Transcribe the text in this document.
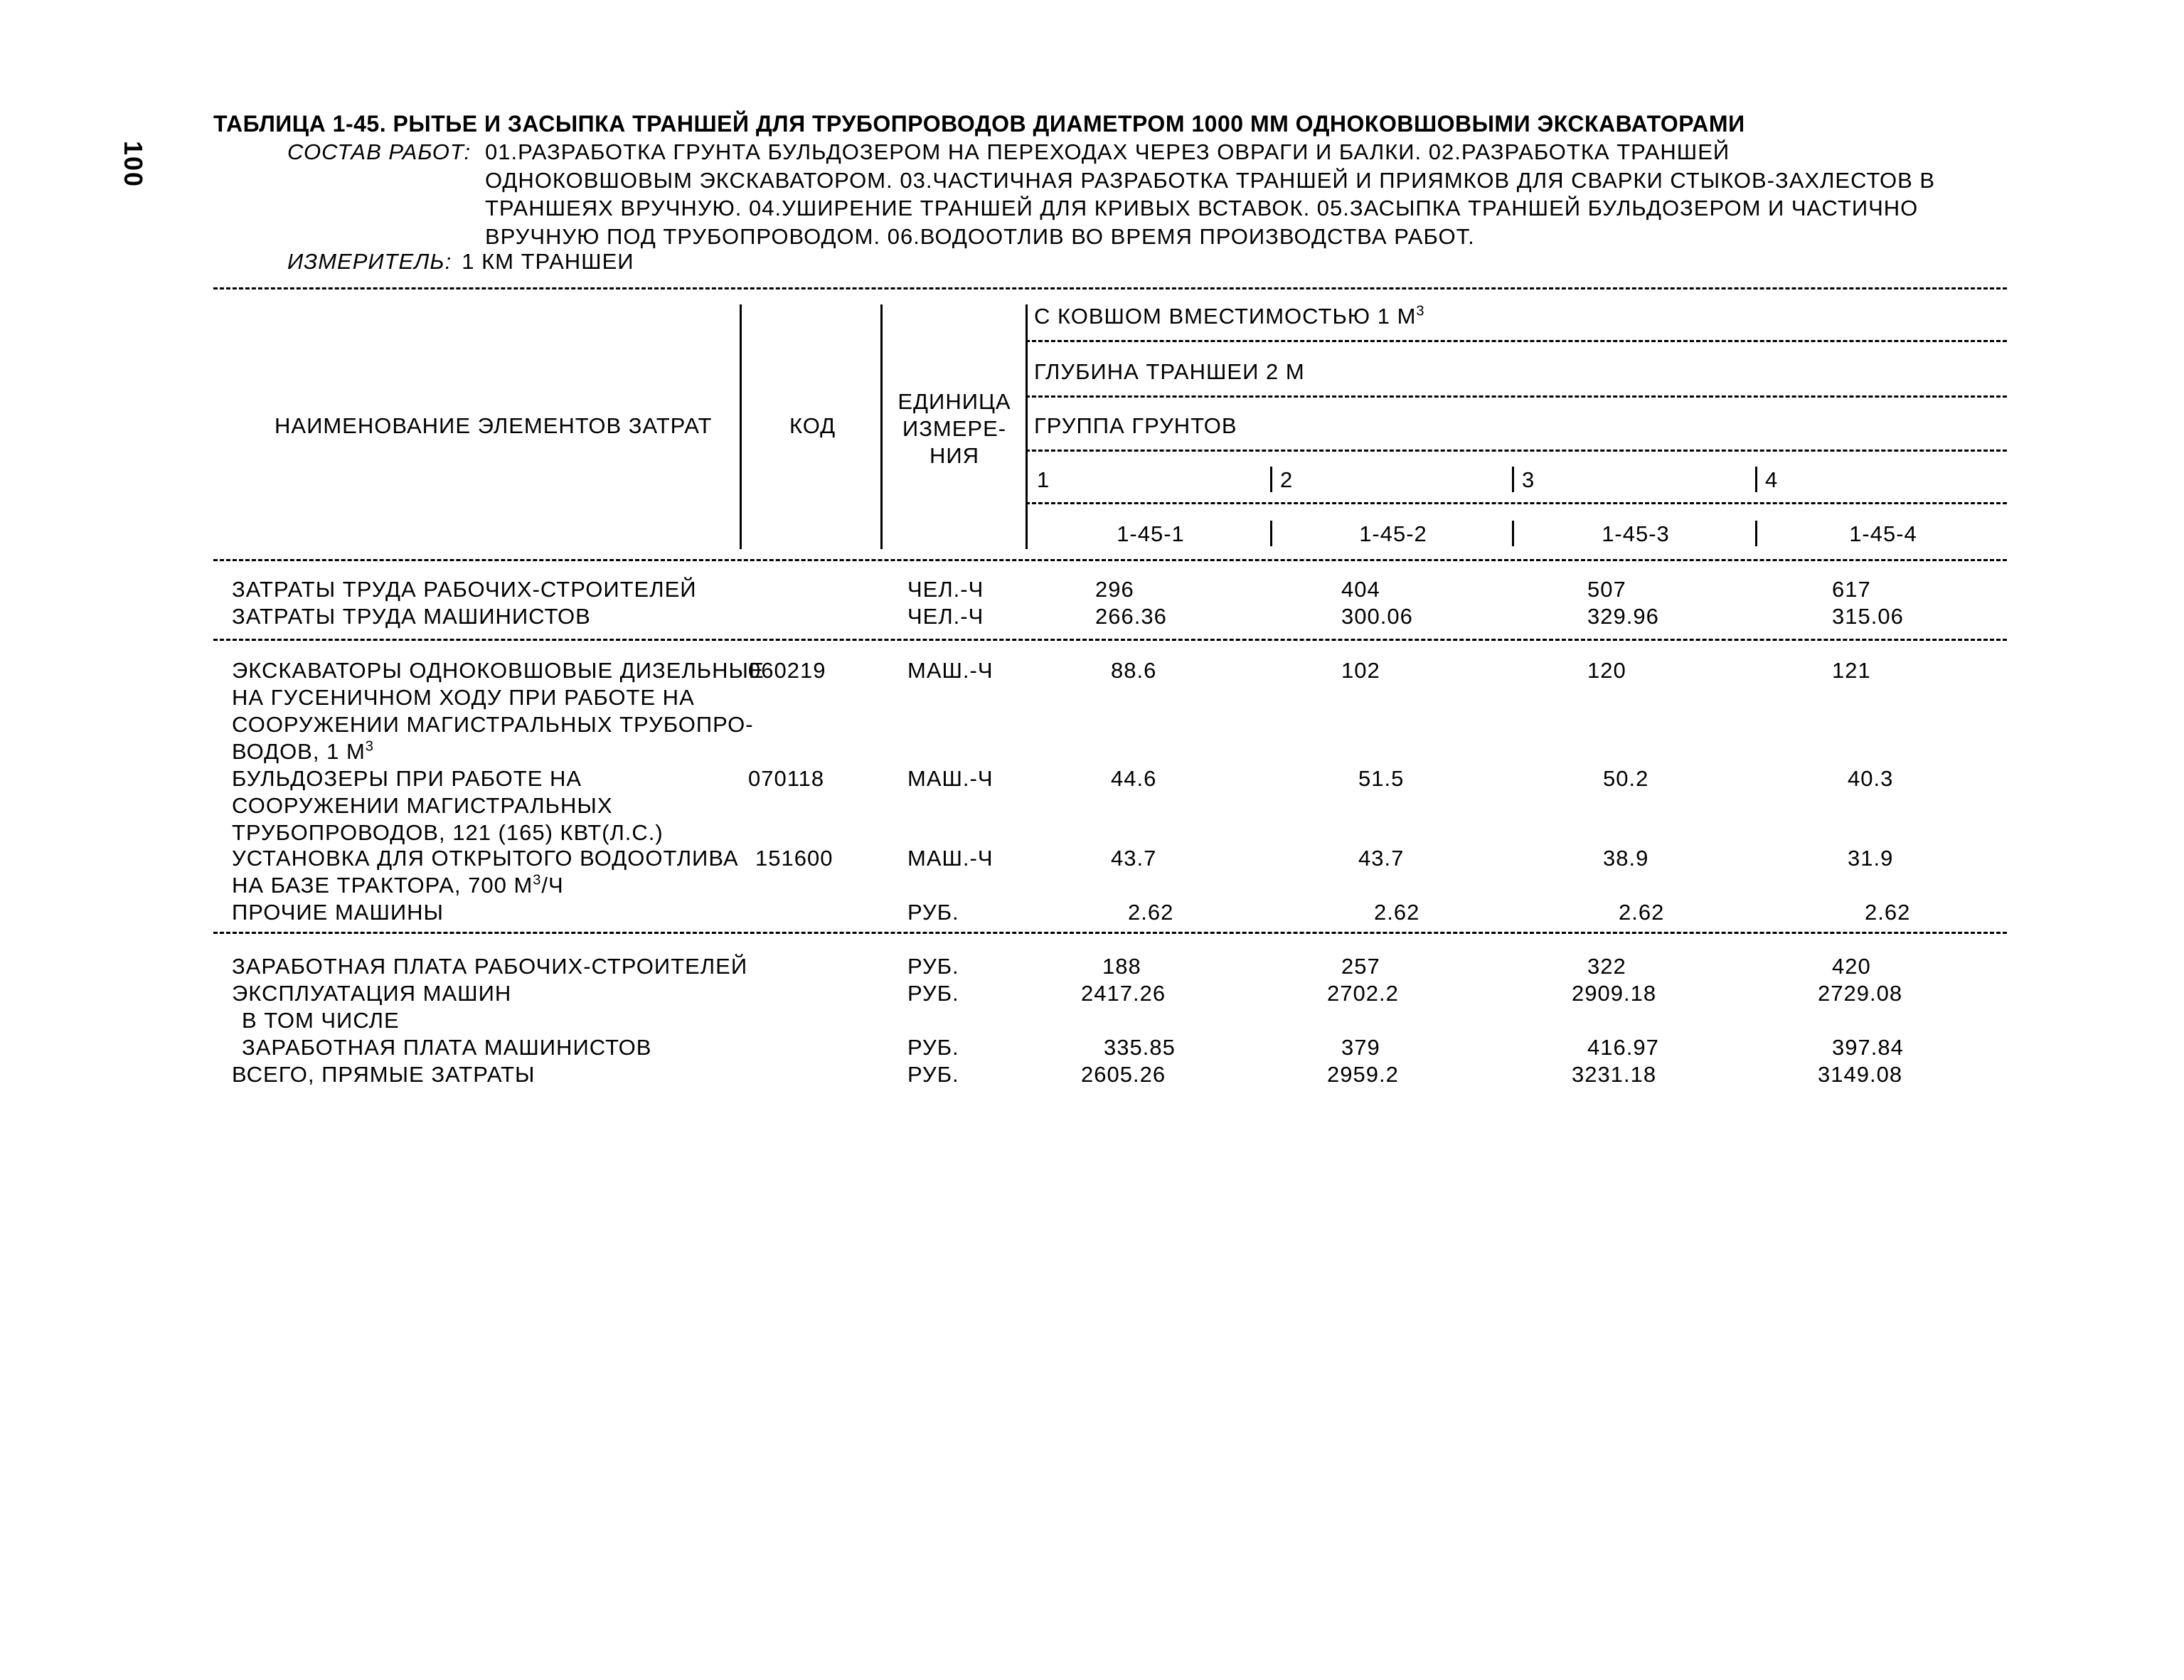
100
ТАБЛИЦА 1-45. РЫТЬЕ И ЗАСЫПКА ТРАНШЕЙ ДЛЯ ТРУБОПРОВОДОВ ДИАМЕТРОМ 1000 ММ ОДНОКОВШОВЫМИ ЭКСКАВАТОРАМИ
СОСТАВ РАБОТ: 01.РАЗРАБОТКА ГРУНТА БУЛЬДОЗЕРОМ НА ПЕРЕХОДАХ ЧЕРЕЗ ОВРАГИ И БАЛКИ. 02.РАЗРАБОТКА ТРАНШЕЙ ОДНОКОВШОВЫМ ЭКСКАВАТОРОМ. 03.ЧАСТИЧНАЯ РАЗРАБОТКА ТРАНШЕЙ И ПРИЯМКОВ ДЛЯ СВАРКИ СТЫКОВ-ЗАХЛЕСТОВ В ТРАНШЕЯХ ВРУЧНУЮ. 04.УШИРЕНИЕ ТРАНШЕЙ ДЛЯ КРИВЫХ ВСТАВОК. 05.ЗАСЫПКА ТРАНШЕЙ БУЛЬДОЗЕРОМ И ЧАСТИЧНО ВРУЧНУЮ ПОД ТРУБОПРОВОДОМ. 06.ВОДООТЛИВ ВО ВРЕМЯ ПРОИЗВОДСТВА РАБОТ.
ИЗМЕРИТЕЛЬ: 1 КМ ТРАНШЕИ
НАИМЕНОВАНИЕ ЭЛЕМЕНТОВ ЗАТРАТ	КОД
ЕДИНИЦА
ИЗМЕРЕ-
НИЯ
С КОВШОМ ВМЕСТИМОСТЬЮ 1 $М^3$
ГЛУБИНА ТРАНШЕИ 2 М
ГРУППА ГРУНТОВ
1	2	3	4
1-45-1	1-45-2	1-45-3	1-45-4
ЗАТРАТЫ ТРУДА РАБОЧИХ-СТРОИТЕЛЕЙ	ЧЕЛ.-Ч	296	404	507	617
ЗАТРАТЫ ТРУДА МАШИНИСТОВ	ЧЕЛ.-Ч	266.36	300.06	329.96	315.06
ЭКСКАВАТОРЫ ОДНОКОВШОВЫЕ ДИЗЕЛЬНЫЕ
НА ГУСЕНИЧНОМ ХОДУ ПРИ РАБОТЕ НА
СООРУЖЕНИИ МАГИСТРАЛЬНЫХ ТРУБОПРО-
ВОДОВ, 1 $М^3$
060219	МАШ.-Ч	88.6	102	120	121
БУЛЬДОЗЕРЫ ПРИ РАБОТЕ НА
СООРУЖЕНИИ МАГИСТРАЛЬНЫХ
ТРУБОПРОВОДОВ, 121 (165) КВТ(Л.С.)
070118	МАШ.-Ч	44.6	51.5	50.2	40.3
УСТАНОВКА ДЛЯ ОТКРЫТОГО ВОДООТЛИВА
НА БАЗЕ ТРАКТОРА, 700 $М^3/Ч$
151600	МАШ.-Ч	43.7	43.7	38.9	31.9
ПРОЧИЕ МАШИНЫ	РУБ.	2.62	2.62	2.62	2.62
ЗАРАБОТНАЯ ПЛАТА РАБОЧИХ-СТРОИТЕЛЕЙ	РУБ.	188	257	322	420
ЭКСПЛУАТАЦИЯ МАШИН	РУБ.	2417.26	2702.2	2909.18	2729.08
В ТОМ ЧИСЛЕ
ЗАРАБОТНАЯ ПЛАТА МАШИНИСТОВ	РУБ.	335.85	379	416.97	397.84
ВСЕГО, ПРЯМЫЕ ЗАТРАТЫ	РУБ.	2605.26	2959.2	3231.18	3149.08
